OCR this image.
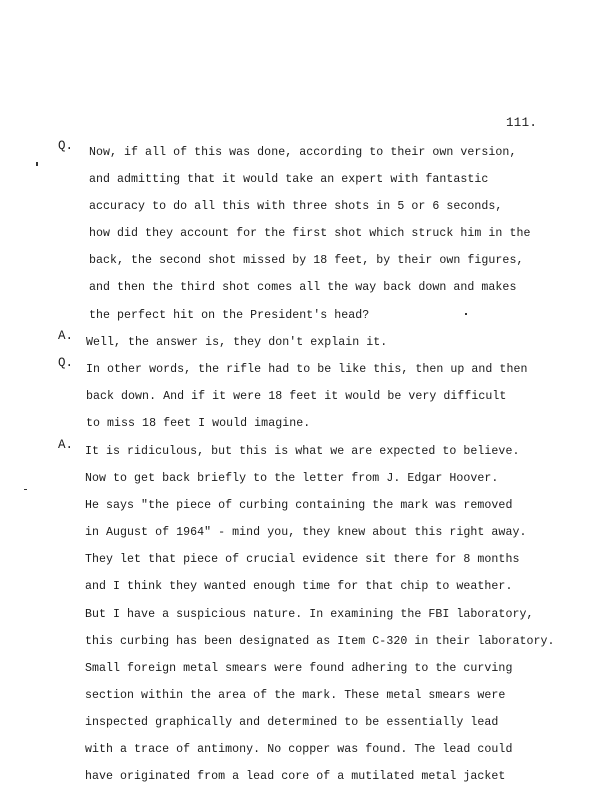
111.
Q. Now, if all of this was done, according to their own version,
and admitting that it would take an expert with fantastic
accuracy to do all this with three shots in 5 or 6 seconds,
how did they account for the first shot which struck him in the
back, the second shot missed by 18 feet, by their own figures,
and then the third shot comes all the way back down and makes
the perfect hit on the President's head?
A. Well, the answer is, they don't explain it.
Q. In other words, the rifle had to be like this, then up and then
back down. And if it were 18 feet it would be very difficult
to miss 18 feet I would imagine.
A. It is ridiculous, but this is what we are expected to believe.
Now to get back briefly to the letter from J. Edgar Hoover.
He says "the piece of curbing containing the mark was removed
in August of 1964" - mind you, they knew about this right away.
They let that piece of crucial evidence sit there for 8 months
and I think they wanted enough time for that chip to weather.
But I have a suspicious nature. In examining the FBI laboratory,
this curbing has been designated as Item C-320 in their laboratory.
Small foreign metal smears were found adhering to the curving
section within the area of the mark. These metal smears were
inspected graphically and determined to be essentially lead
with a trace of antimony. No copper was found. The lead could
have originated from a lead core of a mutilated metal jacket
